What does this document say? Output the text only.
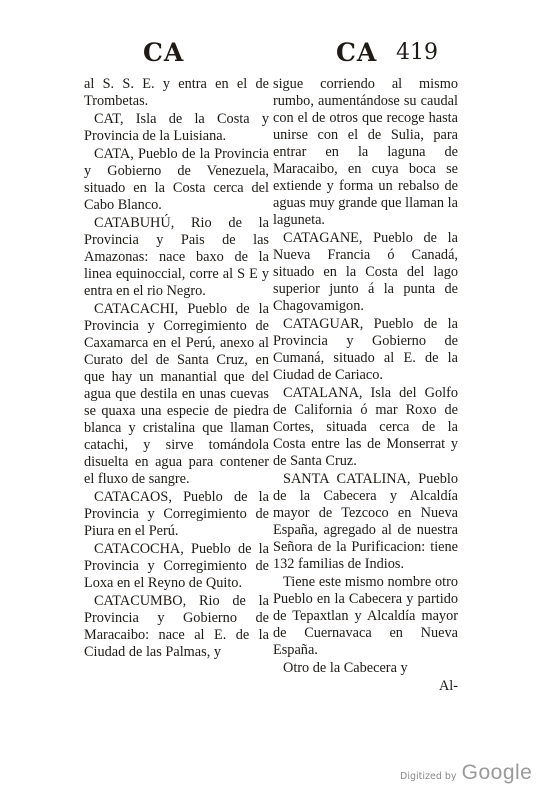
CA	CA 419

al S. S. E. y entra en el de Trombetas.

CAT, Isla de la Costa y Provincia de la Luisiana.

CATA, Pueblo de la Provincia y Gobierno de Venezuela, situado en la Costa cerca del Cabo Blanco.

CATABUHÚ, Rio de la Provincia y Pais de las Amazonas: nace baxo de la linea equinoccial, corre al S E y entra en el rio Negro.

CATACACHI, Pueblo de la Provincia y Corregimiento de Caxamarca en el Perú, anexo al Curato del de Santa Cruz, en que hay un manantial que del agua que destila en unas cuevas se quaxa una especie de piedra blanca y cristalina que llaman catachi, y sirve tomándola disuelta en agua para contener el fluxo de sangre.

CATACAOS, Pueblo de la Provincia y Corregimiento de Piura en el Perú.

CATACOCHA, Pueblo de la Provincia y Corregimiento de Loxa en el Reyno de Quito.

CATACUMBO, Rio de la Provincia y Gobierno de Maracaibo: nace al E. de la Ciudad de las Palmas, y

sigue corriendo al mismo rumbo, aumentándose su caudal con el de otros que recoge hasta unirse con el de Sulia, para entrar en la laguna de Maracaibo, en cuya boca se extiende y forma un rebalso de aguas muy grande que llaman la laguneta.

CATAGANE, Pueblo de la Nueva Francia ó Canadá, situado en la Costa del lago superior junto á la punta de Chagovamigon.

CATAGUAR, Pueblo de la Provincia y Gobierno de Cumaná, situado al E. de la Ciudad de Cariaco.

CATALANA, Isla del Golfo de California ó mar Roxo de Cortes, situada cerca de la Costa entre las de Monserrat y de Santa Cruz.

SANTA CATALINA, Pueblo de la Cabecera y Alcaldía mayor de Tezcoco en Nueva España, agregado al de nuestra Señora de la Purificacion: tiene 132 familias de Indios.

Tiene este mismo nombre otro Pueblo en la Cabecera y partido de Tepaxtlan y Alcaldía mayor de Cuernavaca en Nueva España.

Otro de la Cabecera y

Al-

Digitized by Google
